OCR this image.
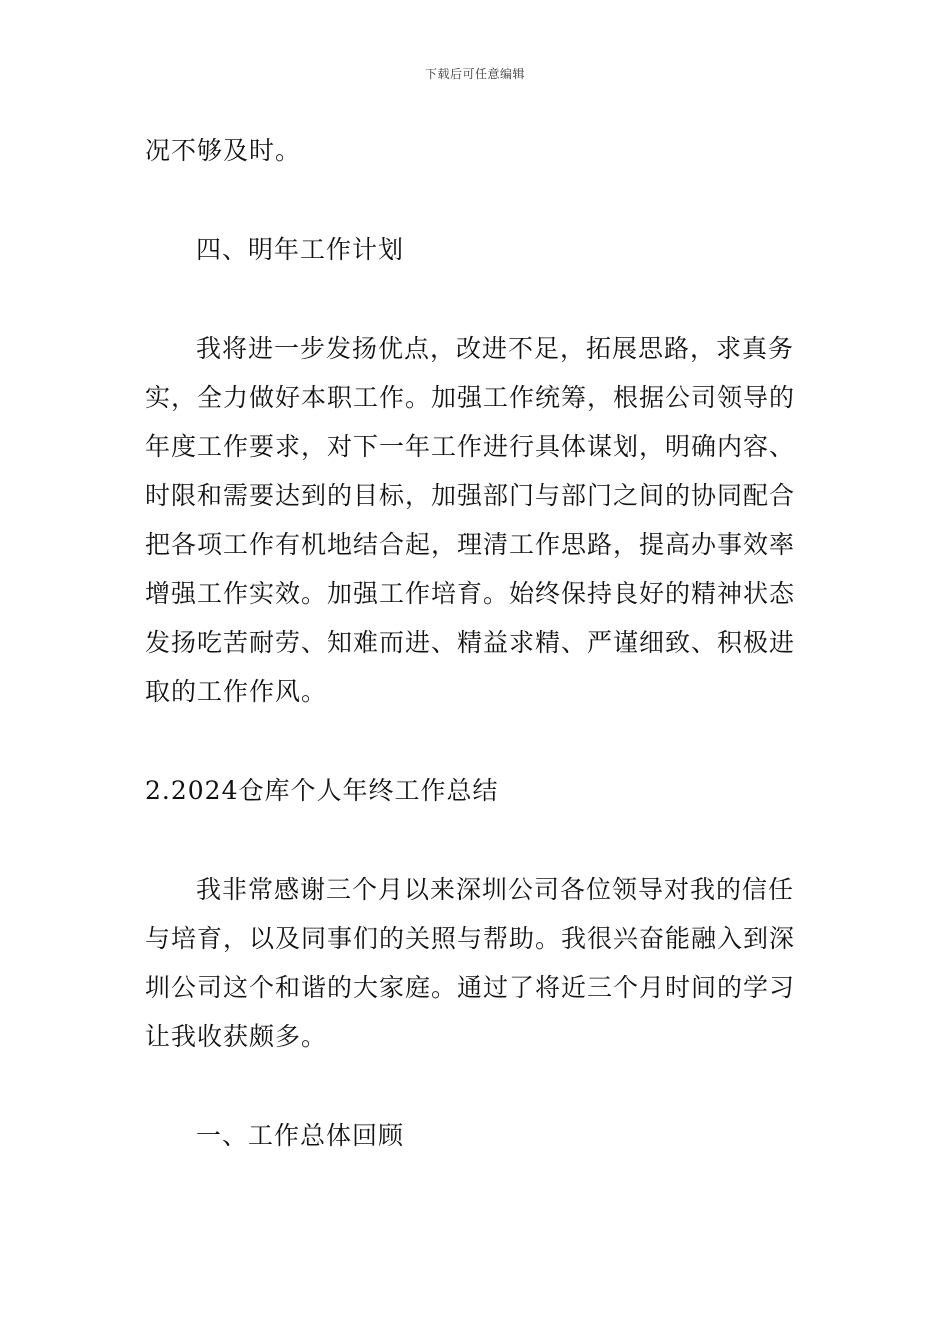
下载后可任意编辑
况不够及时。
四、明年工作计划
我将进一步发扬优点，改进不足，拓展思路，求真务
实，全力做好本职工作。加强工作统筹，根据公司领导的
年度工作要求，对下一年工作进行具体谋划，明确内容、
时限和需要达到的目标，加强部门与部门之间的协同配合
把各项工作有机地结合起，理清工作思路，提高办事效率
增强工作实效。加强工作培育。始终保持良好的精神状态
发扬吃苦耐劳、知难而进、精益求精、严谨细致、积极进
取的工作作风。
2.2024仓库个人年终工作总结
我非常感谢三个月以来深圳公司各位领导对我的信任
与培育，以及同事们的关照与帮助。我很兴奋能融入到深
圳公司这个和谐的大家庭。通过了将近三个月时间的学习
让我收获颇多。
一、工作总体回顾
